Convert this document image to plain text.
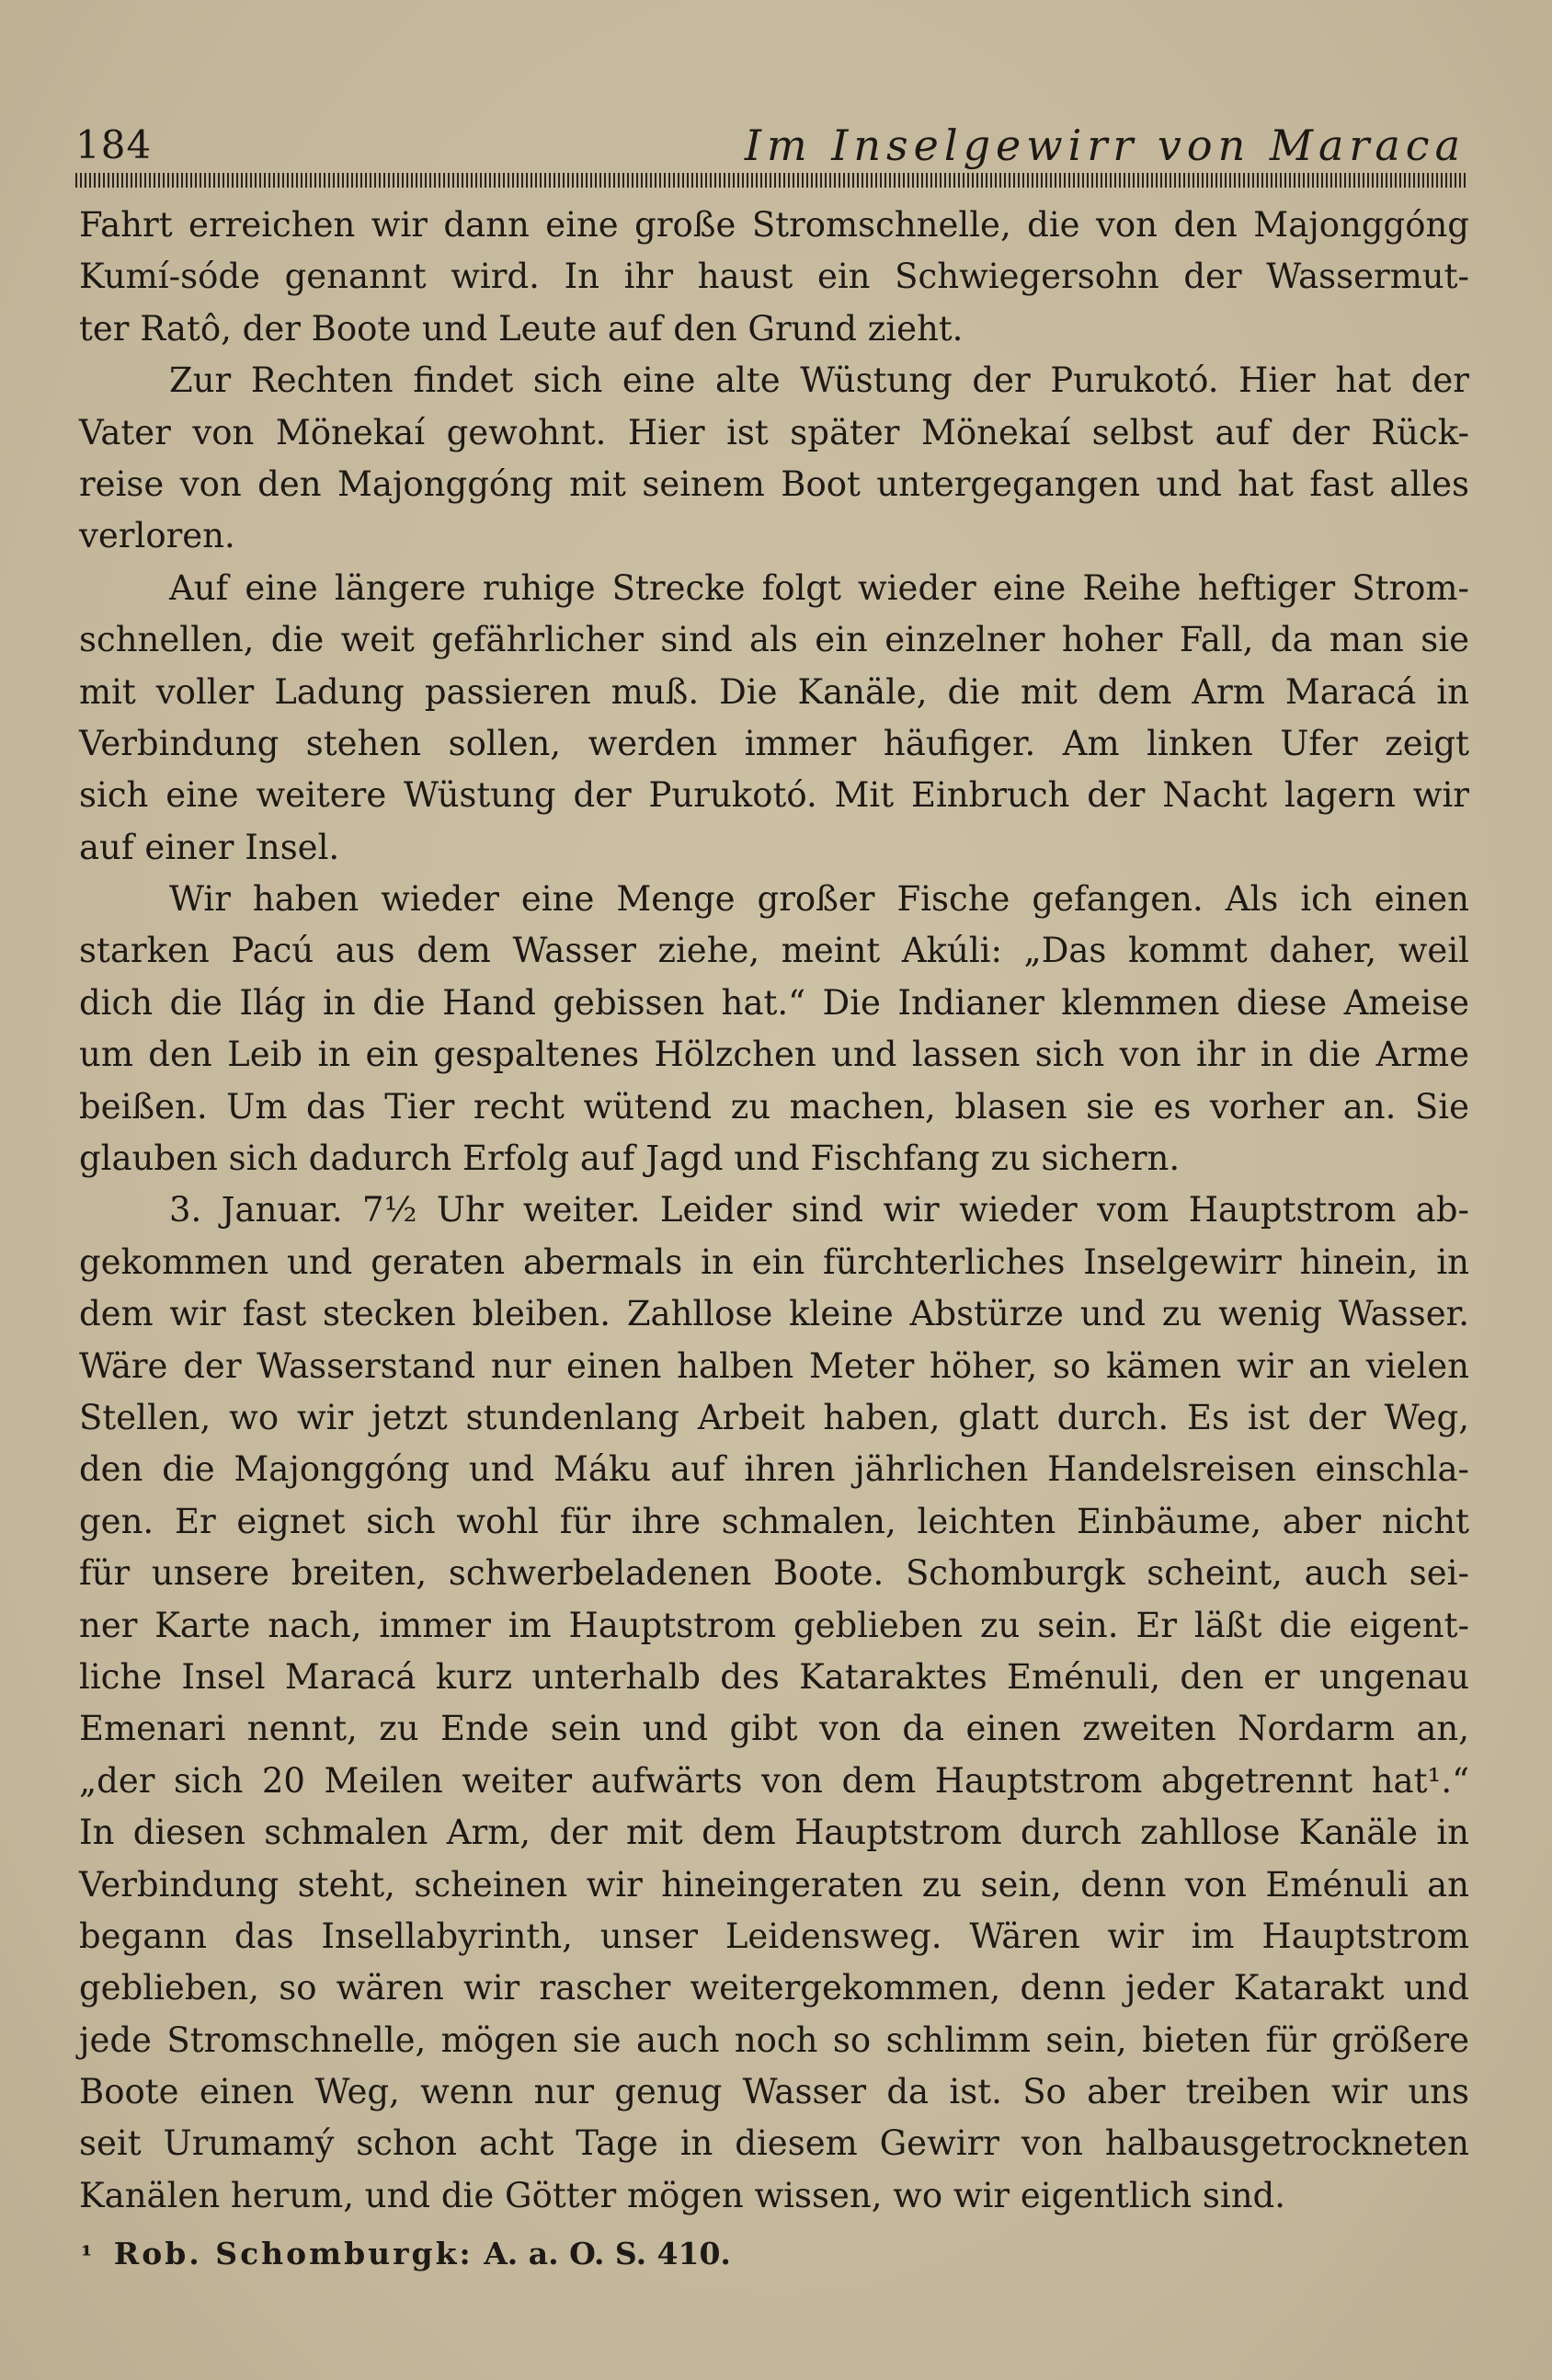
184	Im Inselgewirr von Maraca
Fahrt erreichen wir dann eine große Stromschnelle, die von den Majonggóng
Kumí-sóde genannt wird. In ihr haust ein Schwiegersohn der Wassermut-
ter Ratô, der Boote und Leute auf den Grund zieht.
Zur Rechten findet sich eine alte Wüstung der Purukotó. Hier hat der
Vater von Mönekaí gewohnt. Hier ist später Mönekaí selbst auf der Rück-
reise von den Majonggóng mit seinem Boot untergegangen und hat fast alles
verloren.
Auf eine längere ruhige Strecke folgt wieder eine Reihe heftiger Strom-
schnellen, die weit gefährlicher sind als ein einzelner hoher Fall, da man sie
mit voller Ladung passieren muß. Die Kanäle, die mit dem Arm Maracá in
Verbindung stehen sollen, werden immer häufiger. Am linken Ufer zeigt
sich eine weitere Wüstung der Purukotó. Mit Einbruch der Nacht lagern wir
auf einer Insel.
Wir haben wieder eine Menge großer Fische gefangen. Als ich einen
starken Pacú aus dem Wasser ziehe, meint Akúli: „Das kommt daher, weil
dich die Ilág in die Hand gebissen hat.“ Die Indianer klemmen diese Ameise
um den Leib in ein gespaltenes Hölzchen und lassen sich von ihr in die Arme
beißen. Um das Tier recht wütend zu machen, blasen sie es vorher an. Sie
glauben sich dadurch Erfolg auf Jagd und Fischfang zu sichern.
3. Januar. 7½ Uhr weiter. Leider sind wir wieder vom Hauptstrom ab-
gekommen und geraten abermals in ein fürchterliches Inselgewirr hinein, in
dem wir fast stecken bleiben. Zahllose kleine Abstürze und zu wenig Wasser.
Wäre der Wasserstand nur einen halben Meter höher, so kämen wir an vielen
Stellen, wo wir jetzt stundenlang Arbeit haben, glatt durch. Es ist der Weg,
den die Majonggóng und Máku auf ihren jährlichen Handelsreisen einschla-
gen. Er eignet sich wohl für ihre schmalen, leichten Einbäume, aber nicht
für unsere breiten, schwerbeladenen Boote. Schomburgk scheint, auch sei-
ner Karte nach, immer im Hauptstrom geblieben zu sein. Er läßt die eigent-
liche Insel Maracá kurz unterhalb des Kataraktes Eménuli, den er ungenau
Emenari nennt, zu Ende sein und gibt von da einen zweiten Nordarm an,
„der sich 20 Meilen weiter aufwärts von dem Hauptstrom abgetrennt hat¹.“
In diesen schmalen Arm, der mit dem Hauptstrom durch zahllose Kanäle in
Verbindung steht, scheinen wir hineingeraten zu sein, denn von Eménuli an
begann das Insellabyrinth, unser Leidensweg. Wären wir im Hauptstrom
geblieben, so wären wir rascher weitergekommen, denn jeder Katarakt und
jede Stromschnelle, mögen sie auch noch so schlimm sein, bieten für größere
Boote einen Weg, wenn nur genug Wasser da ist. So aber treiben wir uns
seit Urumamý schon acht Tage in diesem Gewirr von halbausgetrockneten
Kanälen herum, und die Götter mögen wissen, wo wir eigentlich sind.
¹ Rob. Schomburgk: A. a. O. S. 410.
